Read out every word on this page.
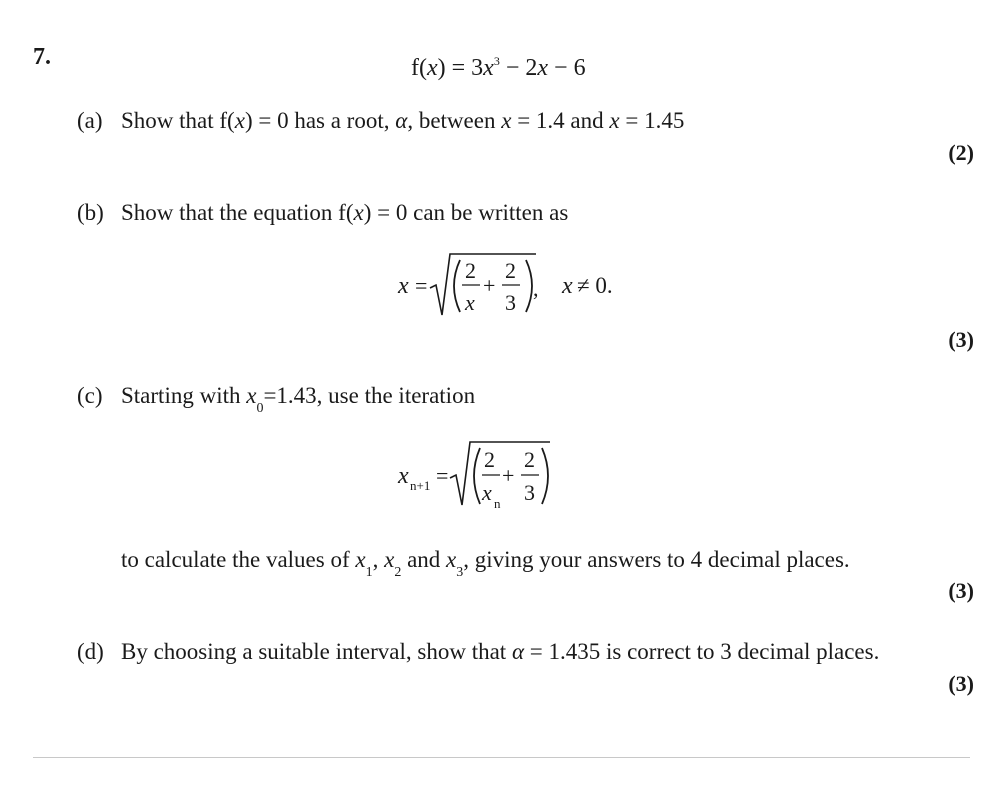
7.	$f(x) = 3x^3 - 2x - 6$
(a) Show that f(x) = 0 has a root, α, between x = 1.4 and x = 1.45
(2)
(b) Show that the equation f(x) = 0 can be written as
x =
2
x
+
2
3
, x ≠ 0.
(3)
(c) Starting with $x_0=1.43$, use the iteration
x n+1 =
2
x n
+
2
3
to calculate the values of $x_1$, $x_2$ and $x_3$, giving your answers to 4 decimal places.
(3)
(d) By choosing a suitable interval, show that α = 1.435 is correct to 3 decimal places.
(3)
